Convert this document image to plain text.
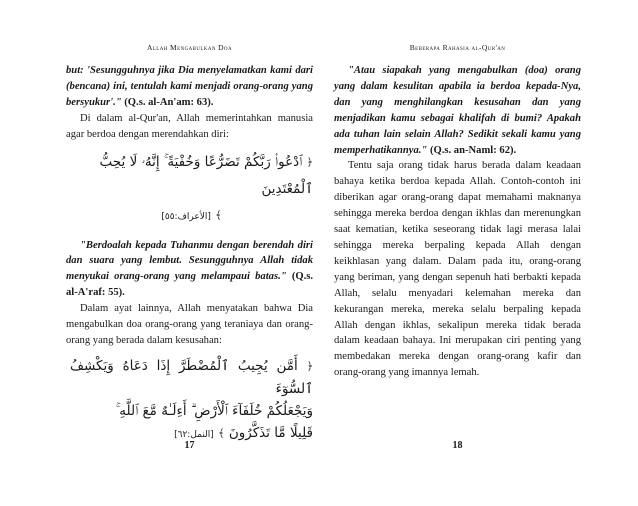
Allah Mengabulkan Doa

but: 'Sesungguhnya jika Dia menyelamatkan kami dari (bencana) ini, tentulah kami menjadi orang-orang yang bersyukur'." (Q.s. al-An'am: 63).

Di dalam al-Qur'an, Allah memerintahkan manusia agar berdoa dengan merendahkan diri:

﴿ ٱدْعُوا۟ رَبَّكُمْ تَضَرُّعًا وَخُفْيَةً ۚ إِنَّهُۥ لَا يُحِبُّ
ٱلْمُعْتَدِينَ
﴾ [الأعراف:٥٥]

"Berdoalah kepada Tuhanmu dengan berendah diri dan suara yang lembut. Sesungguhnya Allah tidak menyukai orang-orang yang melampaui batas." (Q.s. al-A'raf: 55).

Dalam ayat lainnya, Allah menyatakan bahwa Dia mengabulkan doa orang-orang yang teraniaya dan orang-orang yang berada dalam kesusahan:

﴿ أَمَّن يُجِيبُ ٱلْمُضْطَرَّ إِذَا دَعَاهُ وَيَكْشِفُ ٱلسُّوٓءَ
وَيَجْعَلُكُمْ خُلَفَآءَ ٱلْأَرْضِ ۗ أَءِلَـٰهٌ مَّعَ ٱللَّهِ ۚ
قَلِيلًا مَّا تَذَكَّرُونَ ﴾ [النمل:٦٢]
17
Beberapa Rahasia al-Qur'an

"Atau siapakah yang mengabulkan (doa) orang yang dalam kesulitan apabila ia berdoa kepada-Nya, dan yang menghilangkan kesusahan dan yang menjadikan kamu sebagai khalifah di bumi? Apakah ada tuhan lain selain Allah? Sedikit sekali kamu yang memperhatikannya." (Q.s. an-Naml: 62).

Tentu saja orang tidak harus berada dalam keadaan bahaya ketika berdoa kepada Allah. Contoh-contoh ini diberikan agar orang-orang dapat memahami maknanya sehingga mereka berdoa dengan ikhlas dan merenungkan saat kematian, ketika seseorang tidak lagi merasa lalai sehingga mereka berpaling kepada Allah dengan keikhlasan yang dalam. Dalam pada itu, orang-orang yang beriman, yang dengan sepenuh hati berbakti kepada Allah, selalu menyadari kelemahan mereka dan kekurangan mereka, mereka selalu berpaling kepada Allah dengan ikhlas, sekalipun mereka tidak berada dalam keadaan bahaya. Ini merupakan ciri penting yang membedakan mereka dengan orang-orang kafir dan orang-orang yang imannya lemah.

18
